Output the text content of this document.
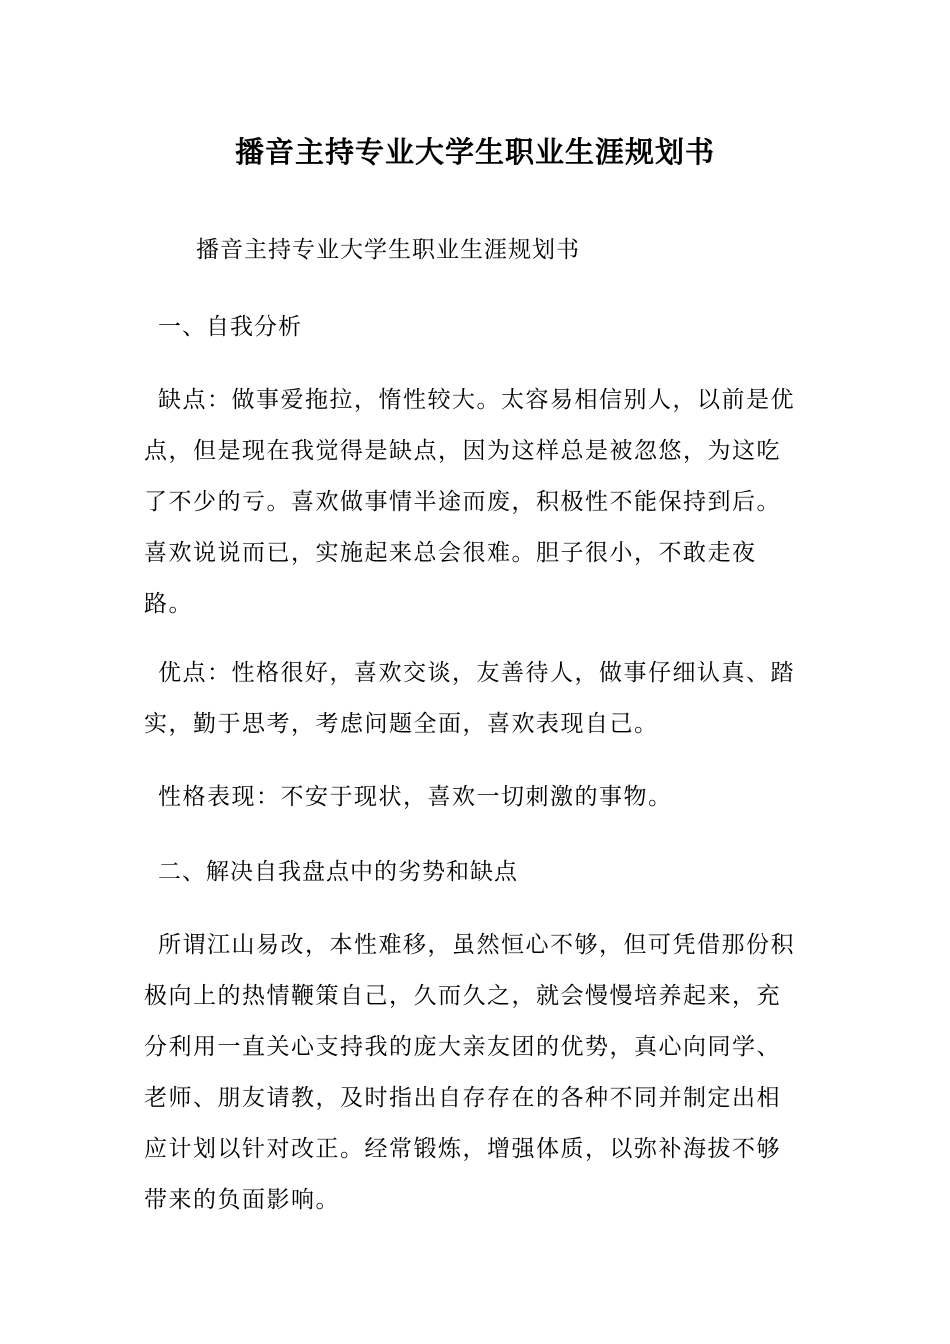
播音主持专业大学生职业生涯规划书
播音主持专业大学生职业生涯规划书
一、自我分析

缺点：做事爱拖拉，惰性较大。太容易相信别人，以前是优点，但是现在我觉得是缺点，因为这样总是被忽悠，为这吃了不少的亏。喜欢做事情半途而废，积极性不能保持到后。喜欢说说而已，实施起来总会很难。胆子很小，不敢走夜路。

优点：性格很好，喜欢交谈，友善待人，做事仔细认真、踏实，勤于思考，考虑问题全面，喜欢表现自己。

性格表现：不安于现状，喜欢一切刺激的事物。

二、解决自我盘点中的劣势和缺点

所谓江山易改，本性难移，虽然恒心不够，但可凭借那份积极向上的热情鞭策自己，久而久之，就会慢慢培养起来，充分利用一直关心支持我的庞大亲友团的优势，真心向同学、老师、朋友请教，及时指出自存存在的各种不同并制定出相应计划以针对改正。经常锻炼，增强体质，以弥补海拔不够带来的负面影响。
